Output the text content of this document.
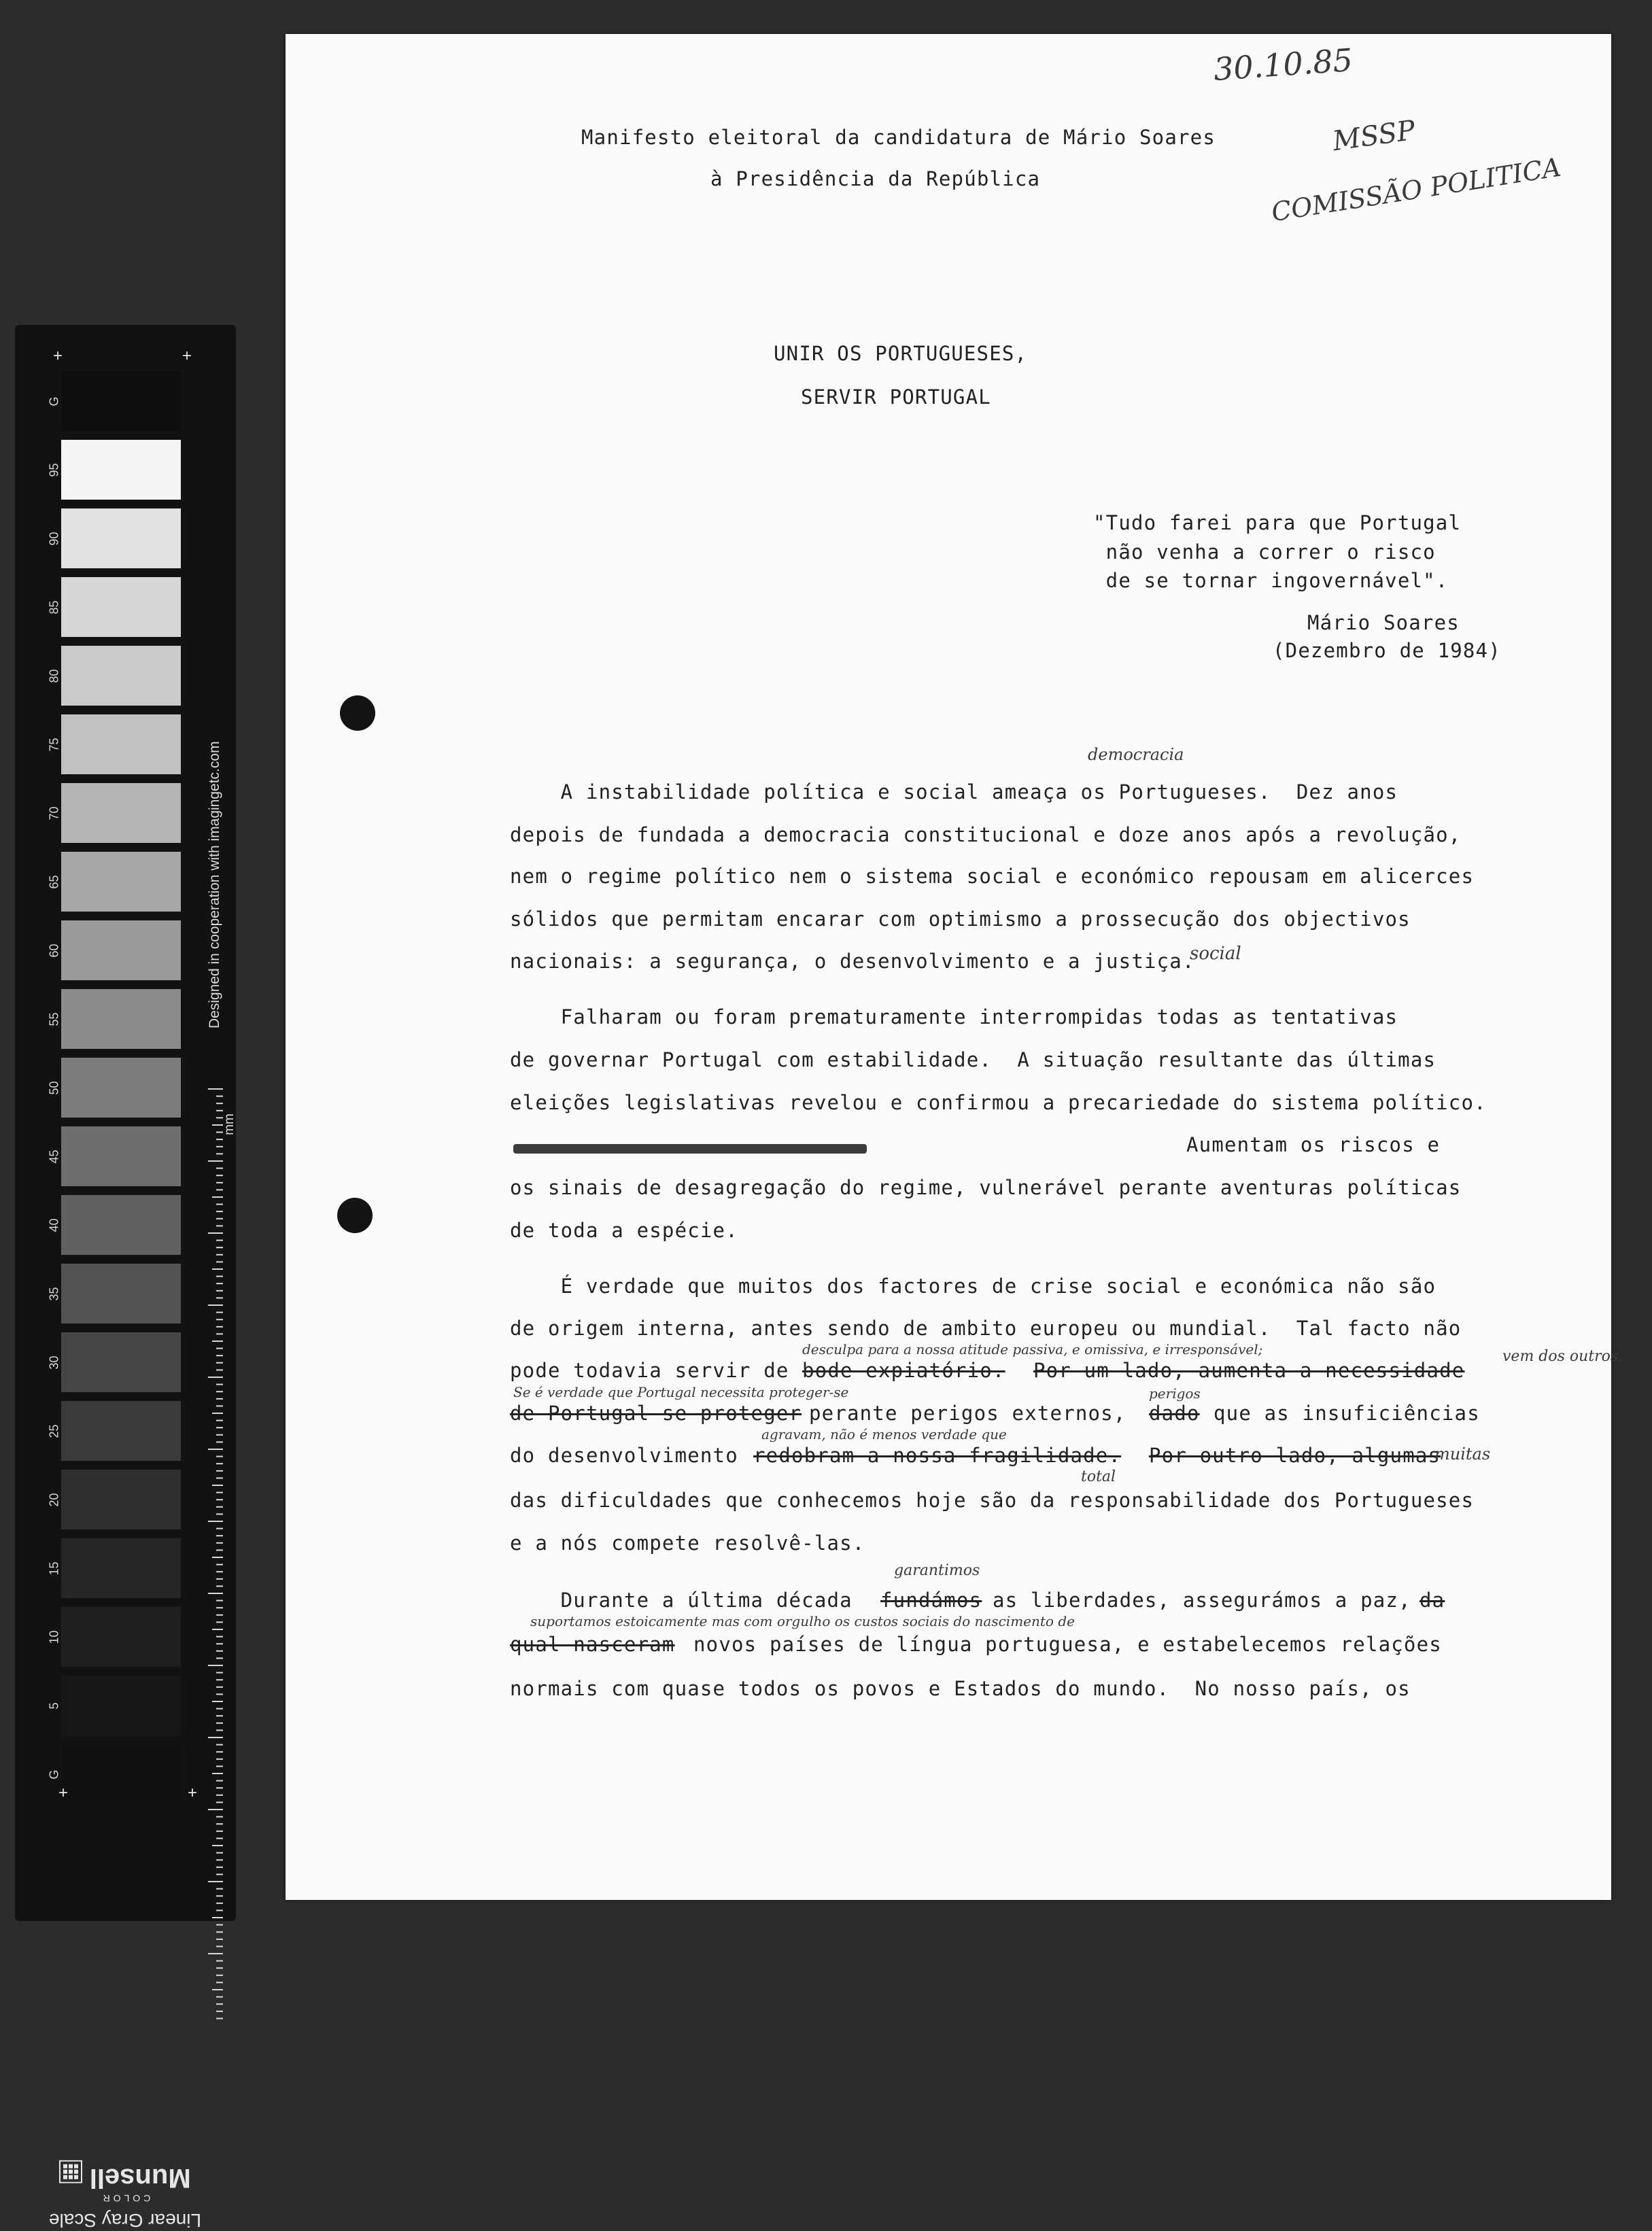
+	+
G
95
90
85
80
75
70
65
60
55
50
45
40
35
30
25
20
15
10
5
G
mm
Designed in cooperation with imagingetc.com
+	+
Linear Gray Scale
COLOR
Munsell
30.10.85
MSSP
COMISSÃO POLITICA
Manifesto eleitoral da candidatura de Mário Soares
à Presidência da República
UNIR OS PORTUGUESES,
SERVIR PORTUGAL
"Tudo farei para que Portugal
não venha a correr o risco
de se tornar ingovernável".
Mário Soares
(Dezembro de 1984)
A instabilidade política e social ameaça os Portugueses.  Dez anos
democracia
depois de fundada a democracia constitucional e doze anos após a revolução,
nem o regime político nem o sistema social e económico repousam em alicerces
sólidos que permitam encarar com optimismo a prossecução dos objectivos
nacionais: a segurança, o desenvolvimento e a justiça.
social
Falharam ou foram prematuramente interrompidas todas as tentativas
de governar Portugal com estabilidade.  A situação resultante das últimas
eleições legislativas revelou e confirmou a precariedade do sistema político.
Aumentam os riscos e
os sinais de desagregação do regime, vulnerável perante aventuras políticas
de toda a espécie.
É verdade que muitos dos factores de crise social e económica não são
de origem interna, antes sendo de ambito europeu ou mundial.  Tal facto não
desculpa para a nossa atitude passiva, e omissiva, e irresponsável;	vem dos outros.
pode todavia servir de bode expiatório. Por um lado, aumenta a necessidade
Se é verdade que Portugal necessita proteger-se	perigos
de Portugal se proteger perante perigos externos, dado que as insuficiências
agravam, não é menos verdade que
do desenvolvimento redobram a nossa fragilidade. Por outro lado, algumas
muitas
total
das dificuldades que conhecemos hoje são da responsabilidade dos Portugueses
e a nós compete resolvê-las.
garantimos
Durante a última década fundámos as liberdades, assegurámos a paz, da
suportamos estoicamente mas com orgulho os custos sociais do nascimento de
qual nasceram novos países de língua portuguesa, e estabelecemos relações
normais com quase todos os povos e Estados do mundo.  No nosso país, os
